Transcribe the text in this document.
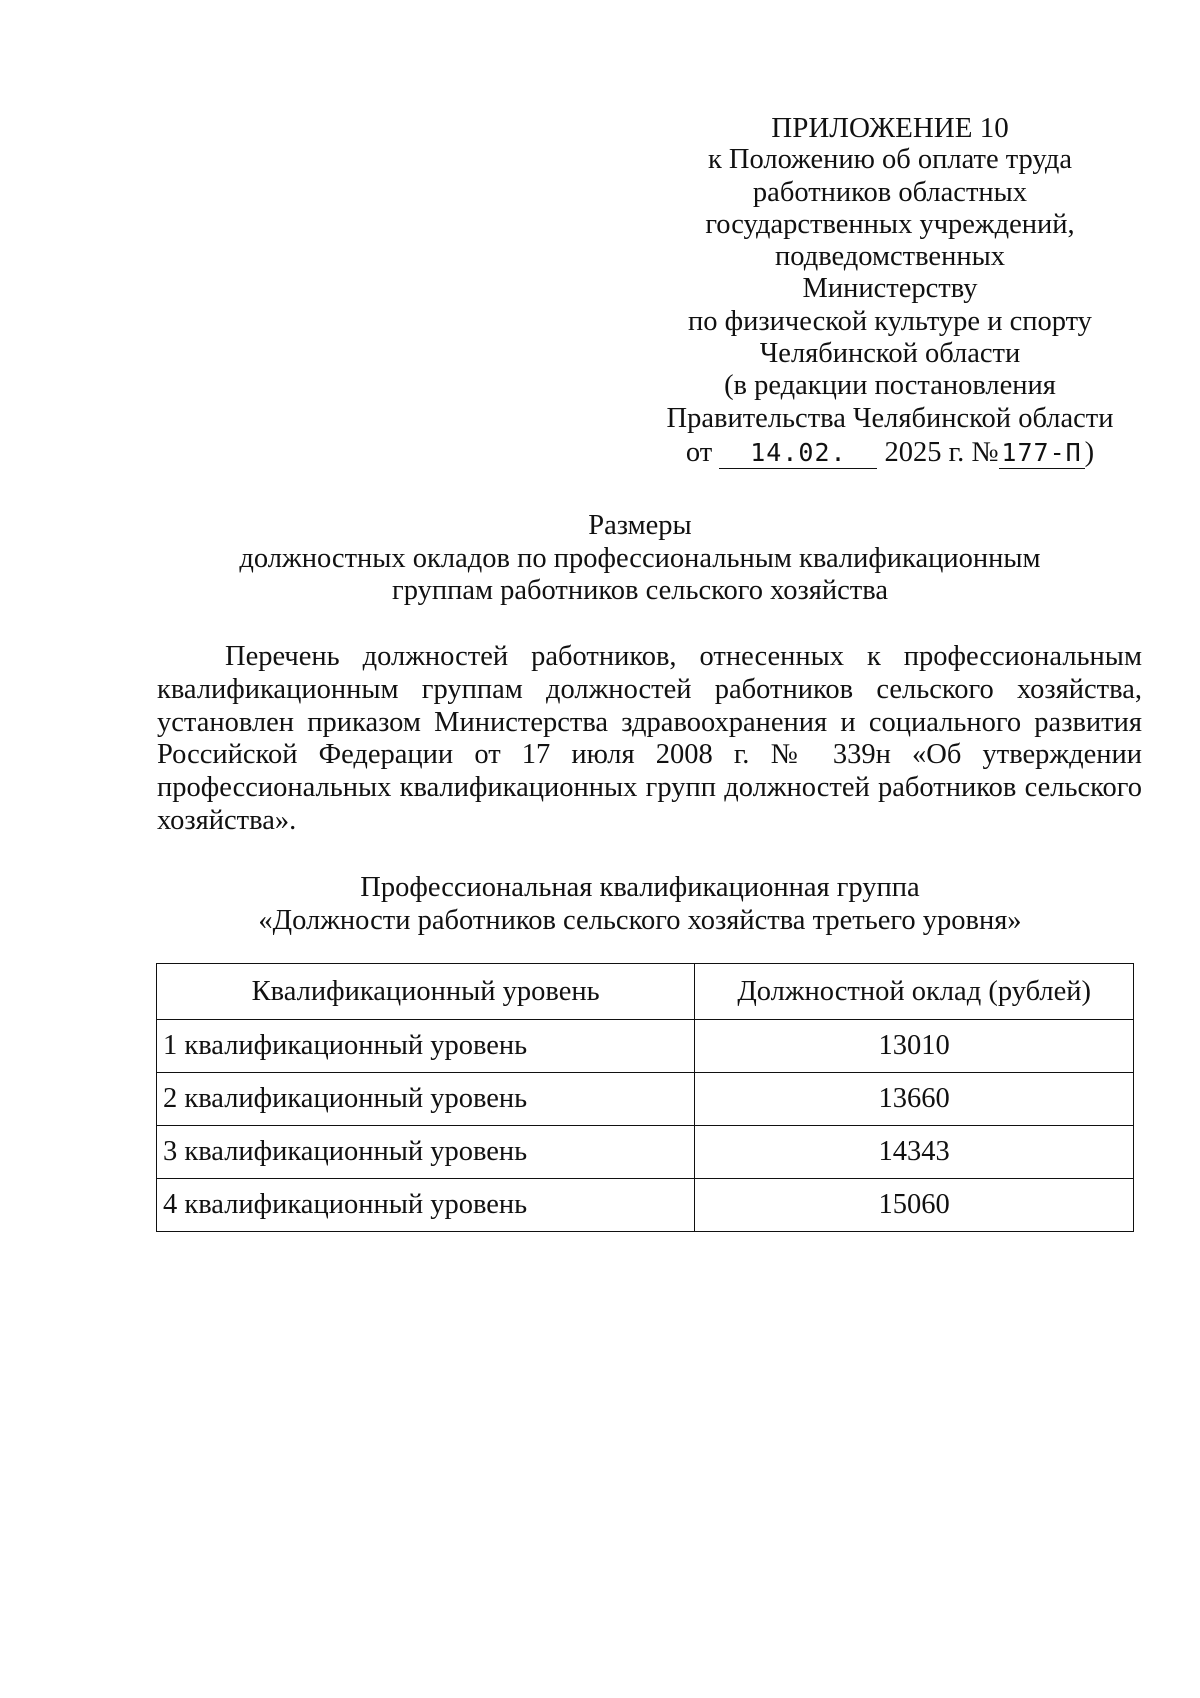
ПРИЛОЖЕНИЕ 10
к Положению об оплате труда
работников областных
государственных учреждений,
подведомственных
Министерству
по физической культуре и спорту
Челябинской области
(в редакции постановления
Правительства Челябинской области
от 14.02. 2025 г. № 177-П )
Размеры
должностных окладов по профессиональным квалификационным
группам работников сельского хозяйства

Перечень должностей работников, отнесенных к профессиональным квалификационным группам должностей работников сельского хозяйства, установлен приказом Министерства здравоохранения и социального развития Российской Федерации от 17 июля 2008 г. № 339н «Об утверждении профессиональных квалификационных групп должностей работников сельского хозяйства».

Профессиональная квалификационная группа
«Должности работников сельского хозяйства третьего уровня»
Квалификационный уровень	Должностной оклад (рублей)
1 квалификационный уровень	13010
2 квалификационный уровень	13660
3 квалификационный уровень	14343
4 квалификационный уровень	15060
